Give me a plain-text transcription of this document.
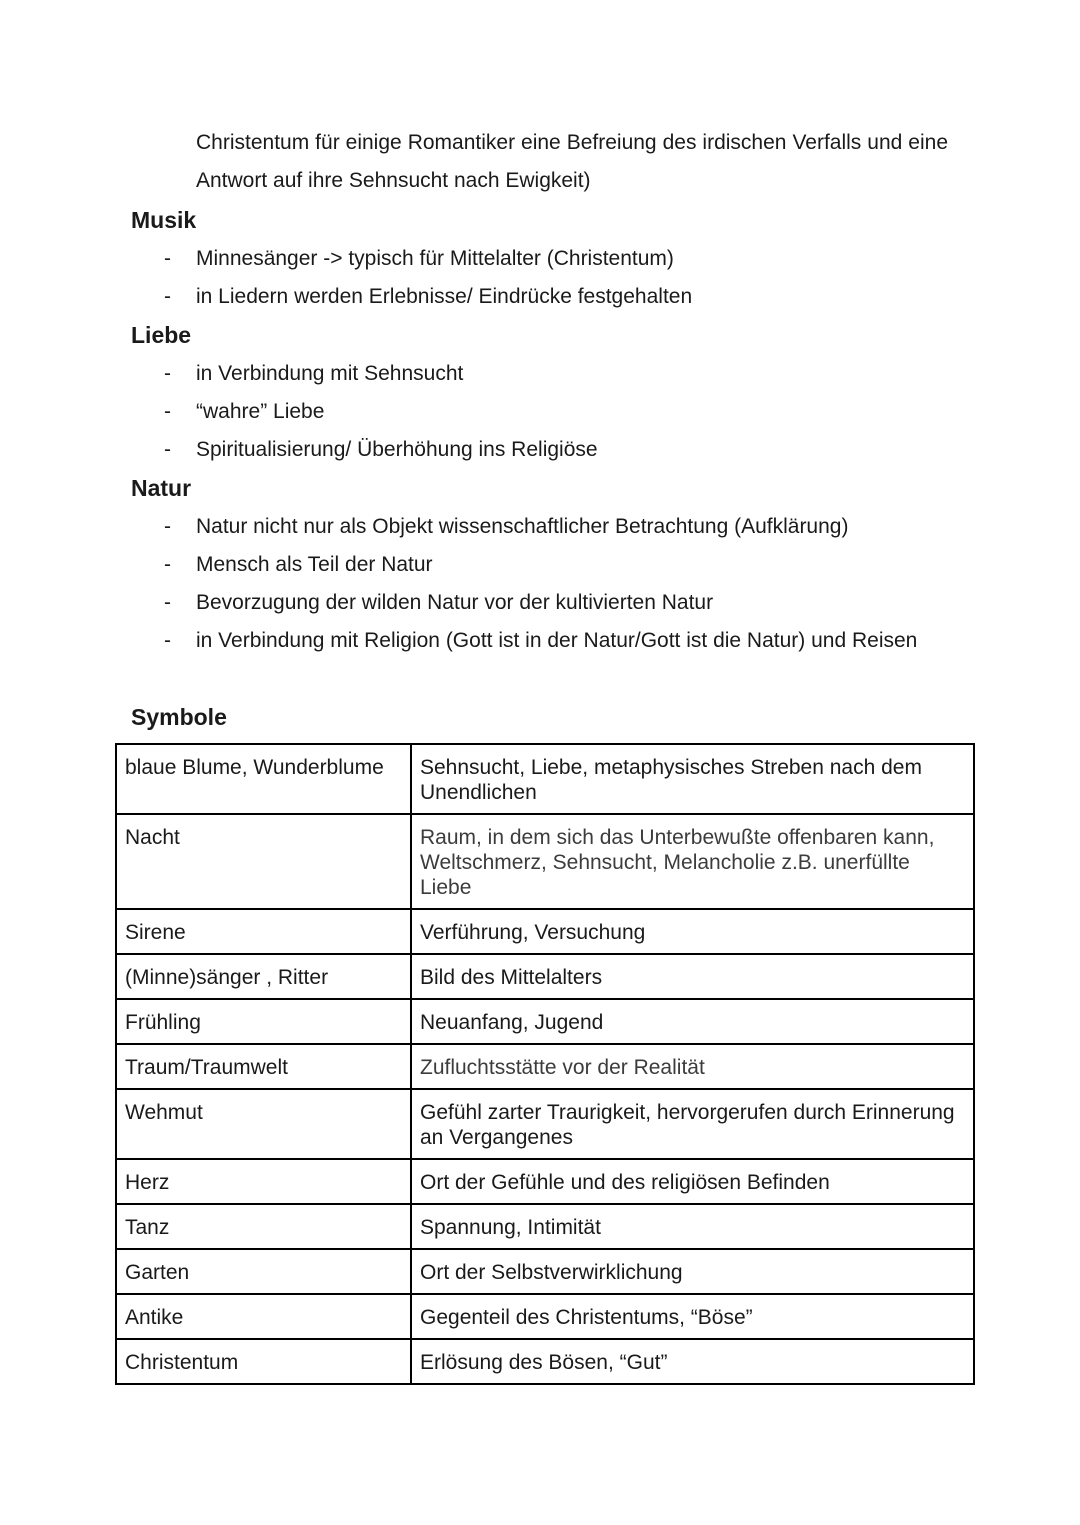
Christentum für einige Romantiker eine Befreiung des irdischen Verfalls und eine Antwort auf ihre Sehnsucht nach Ewigkeit)

Musik
- Minnesänger -> typisch für Mittelalter (Christentum)
- in Liedern werden Erlebnisse/ Eindrücke festgehalten
Liebe
- in Verbindung mit Sehnsucht
- “wahre” Liebe
- Spiritualisierung/ Überhöhung ins Religiöse
Natur
- Natur nicht nur als Objekt wissenschaftlicher Betrachtung (Aufklärung)
- Mensch als Teil der Natur
- Bevorzugung der wilden Natur vor der kultivierten Natur
- in Verbindung mit Religion (Gott ist in der Natur/Gott ist die Natur) und Reisen
Symbole
blaue Blume, Wunderblume	Sehnsucht, Liebe, metaphysisches Streben nach dem Unendlichen
Nacht	Raum, in dem sich das Unterbewußte offenbaren kann, Weltschmerz, Sehnsucht, Melancholie z.B. unerfüllte Liebe
Sirene	Verführung, Versuchung
(Minne)sänger , Ritter	Bild des Mittelalters
Frühling	Neuanfang, Jugend
Traum/Traumwelt	Zufluchtsstätte vor der Realität
Wehmut	Gefühl zarter Traurigkeit, hervorgerufen durch Erinnerung an Vergangenes
Herz	Ort der Gefühle und des religiösen Befinden
Tanz	Spannung, Intimität
Garten	Ort der Selbstverwirklichung
Antike	Gegenteil des Christentums, “Böse”
Christentum	Erlösung des Bösen, “Gut”
